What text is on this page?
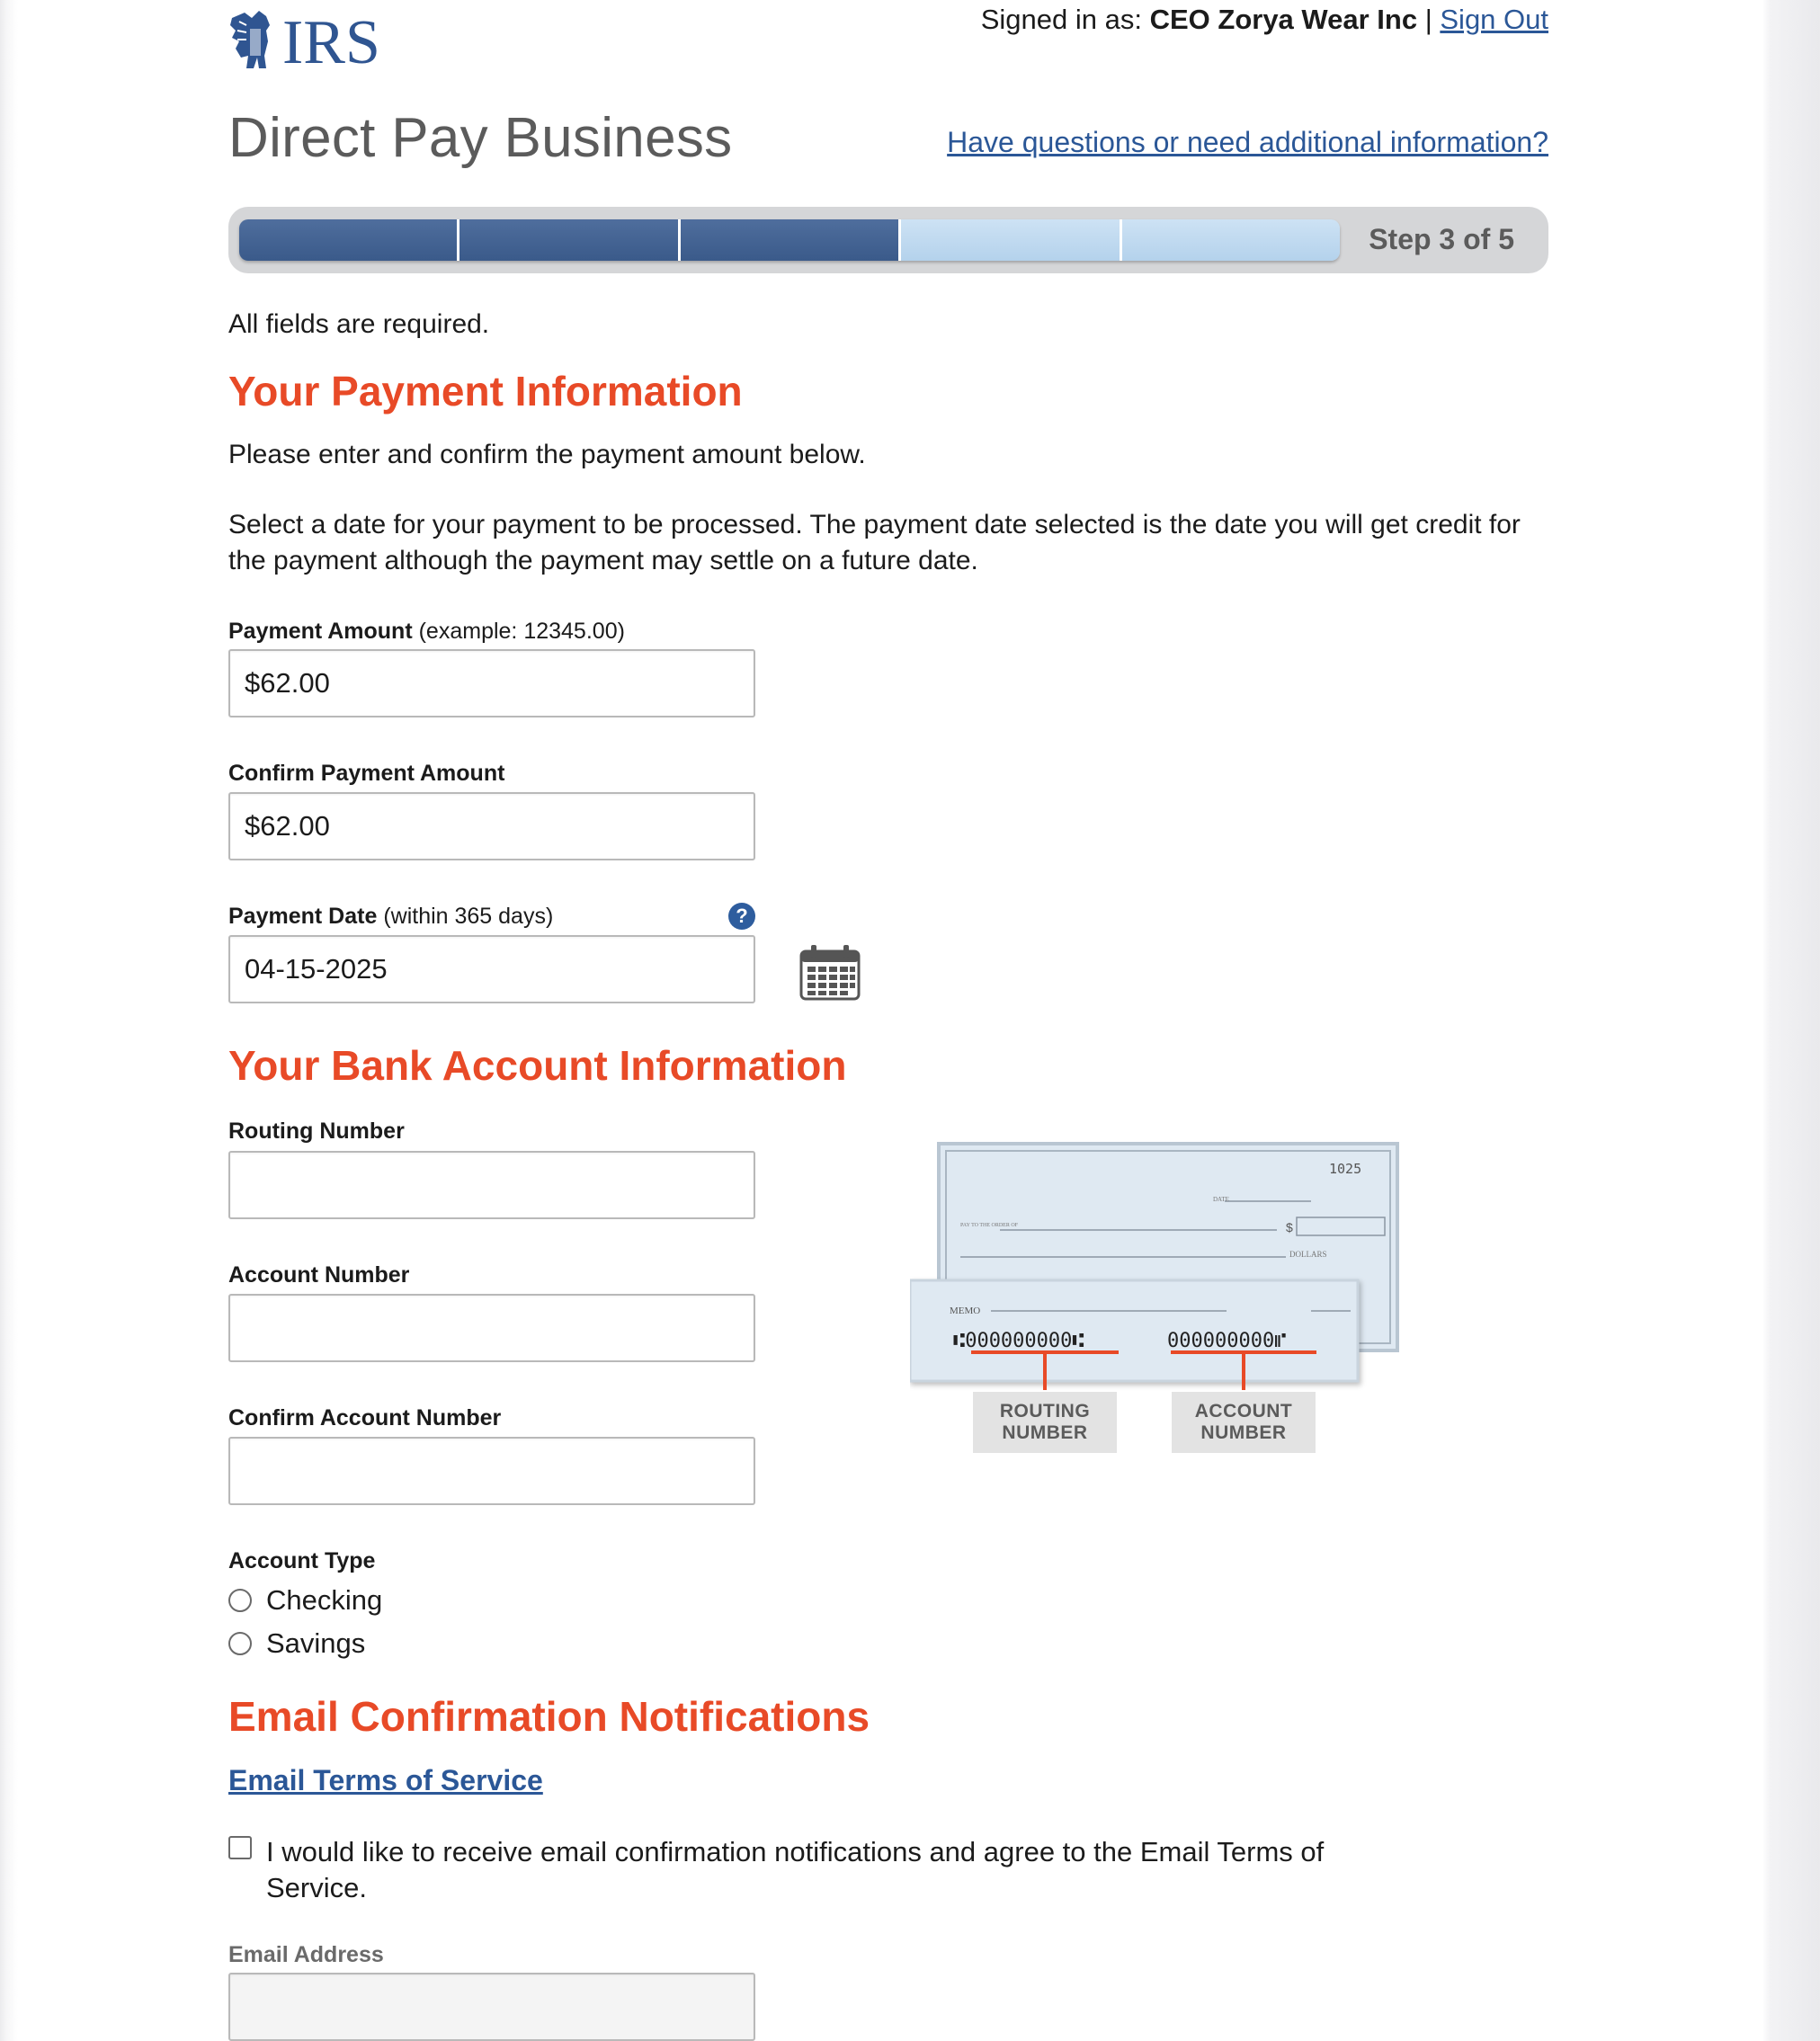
IRS	Signed in as: CEO Zorya Wear Inc | Sign Out
Direct Pay Business	Have questions or need additional information?
Step 3 of 5
All fields are required.
Your Payment Information

Please enter and confirm the payment amount below.

Select a date for your payment to be processed. The payment date selected is the date you will get credit for the payment although the payment may settle on a future date.

Payment Amount (example: 12345.00)
$62.00
Confirm Payment Amount
$62.00
Payment Date (within 365 days)	?
04-15-2025
Your Bank Account Information
Routing Number
Account Number
Confirm Account Number
Account Type
Checking
Savings
1025
DATE
PAY TO THE ORDER OF	$
DOLLARS
MEMO
⑆000000000⑆	000000000⑈
ROUTING
NUMBER
ACCOUNT
NUMBER
Email Confirmation Notifications
Email Terms of Service
I would like to receive email confirmation notifications and agree to the Email Terms of Service.
Email Address
